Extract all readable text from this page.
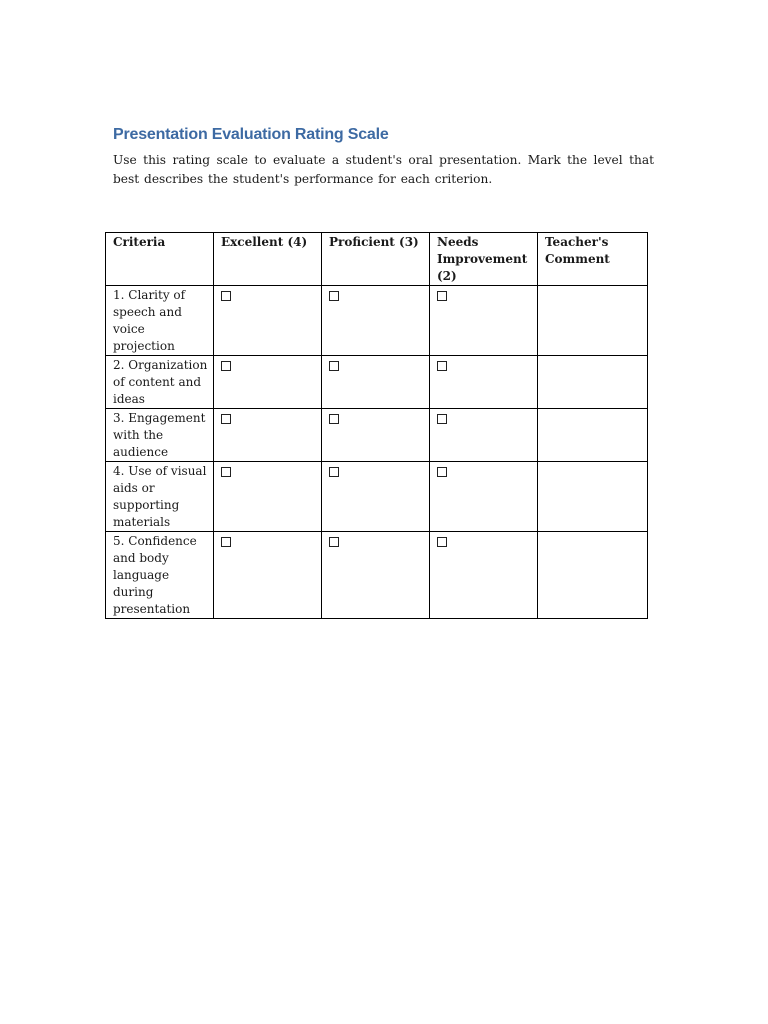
Presentation Evaluation Rating Scale

Use this rating scale to evaluate a student's oral presentation. Mark the level that best describes the student's performance for each criterion.

Criteria	Excellent (4)	Proficient (3)	Needs Improvement (2)	Teacher's Comment
1. Clarity of speech and voice projection				
2. Organization of content and ideas				
3. Engagement with the audience				
4. Use of visual aids or supporting materials				
5. Confidence and body language during presentation				
